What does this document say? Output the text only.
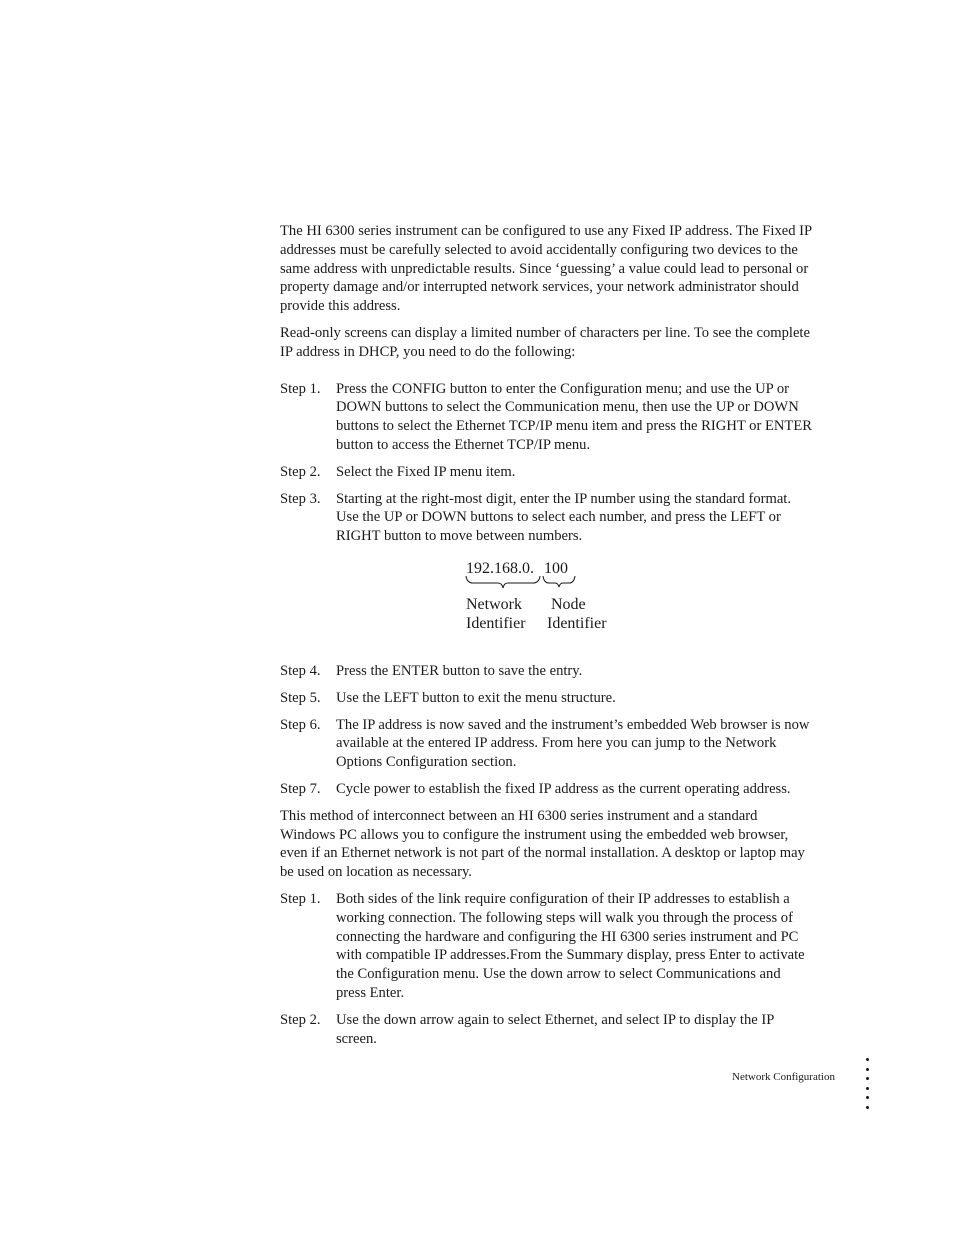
The HI 6300 series instrument can be configured to use any Fixed IP address. The Fixed IP addresses must be carefully selected to avoid accidentally configuring two devices to the same address with unpredictable results. Since ‘guessing’ a value could lead to personal or property damage and/or interrupted network services, your network administrator should provide this address.

Read-only screens can display a limited number of characters per line. To see the complete IP address in DHCP, you need to do the following:

Step 1.	Press the CONFIG button to enter the Configuration menu; and use the UP or DOWN buttons to select the Communication menu, then use the UP or DOWN buttons to select the Ethernet TCP/IP menu item and press the RIGHT or ENTER button to access the Ethernet TCP/IP menu.
Step 2.	Select the Fixed IP menu item.
Step 3.	Starting at the right-most digit, enter the IP number using the standard format. Use the UP or DOWN buttons to select each number, and press the LEFT or RIGHT button to move between numbers.
192.168.0. 100
Network
Identifier
Node
Identifier
Step 4.	Press the ENTER button to save the entry.
Step 5.	Use the LEFT button to exit the menu structure.
Step 6.	The IP address is now saved and the instrument’s embedded Web browser is now available at the entered IP address. From here you can jump to the Network Options Configuration section.
Step 7.	Cycle power to establish the fixed IP address as the current operating address.

This method of interconnect between an HI 6300 series instrument and a standard Windows PC allows you to configure the instrument using the embedded web browser, even if an Ethernet network is not part of the normal installation. A desktop or laptop may be used on location as necessary.

Step 1.	Both sides of the link require configuration of their IP addresses to establish a working connection. The following steps will walk you through the process of connecting the hardware and configuring the HI 6300 series instrument and PC with compatible IP addresses.From the Summary display, press Enter to activate the Configuration menu. Use the down arrow to select Communications and press Enter.
Step 2.	Use the down arrow again to select Ethernet, and select IP to display the IP screen.
Network Configuration
